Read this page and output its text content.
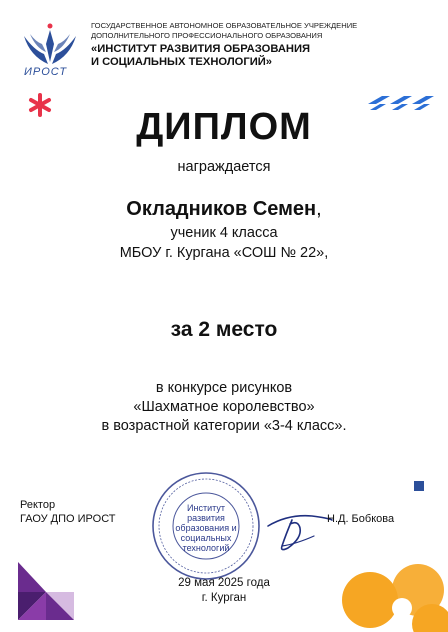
ИРОСТ
ГОСУДАРСТВЕННОЕ АВТОНОМНОЕ ОБРАЗОВАТЕЛЬНОЕ УЧРЕЖДЕНИЕ
ДОПОЛНИТЕЛЬНОГО ПРОФЕССИОНАЛЬНОГО ОБРАЗОВАНИЯ
«ИНСТИТУТ РАЗВИТИЯ ОБРАЗОВАНИЯ
И СОЦИАЛЬНЫХ ТЕХНОЛОГИЙ»
ДИПЛОМ
награждается
Окладников Семен,
ученик 4 класса
МБОУ г. Кургана «СОШ № 22»,
за 2 место
в конкурсе рисунков
«Шахматное королевство»
в возрастной категории «3-4 класс».
Ректор
ГАОУ ДПО ИРОСТ
Институт развития образования и социальных технологий
Н.Д. Бобкова
29 мая 2025 года
г. Курган
